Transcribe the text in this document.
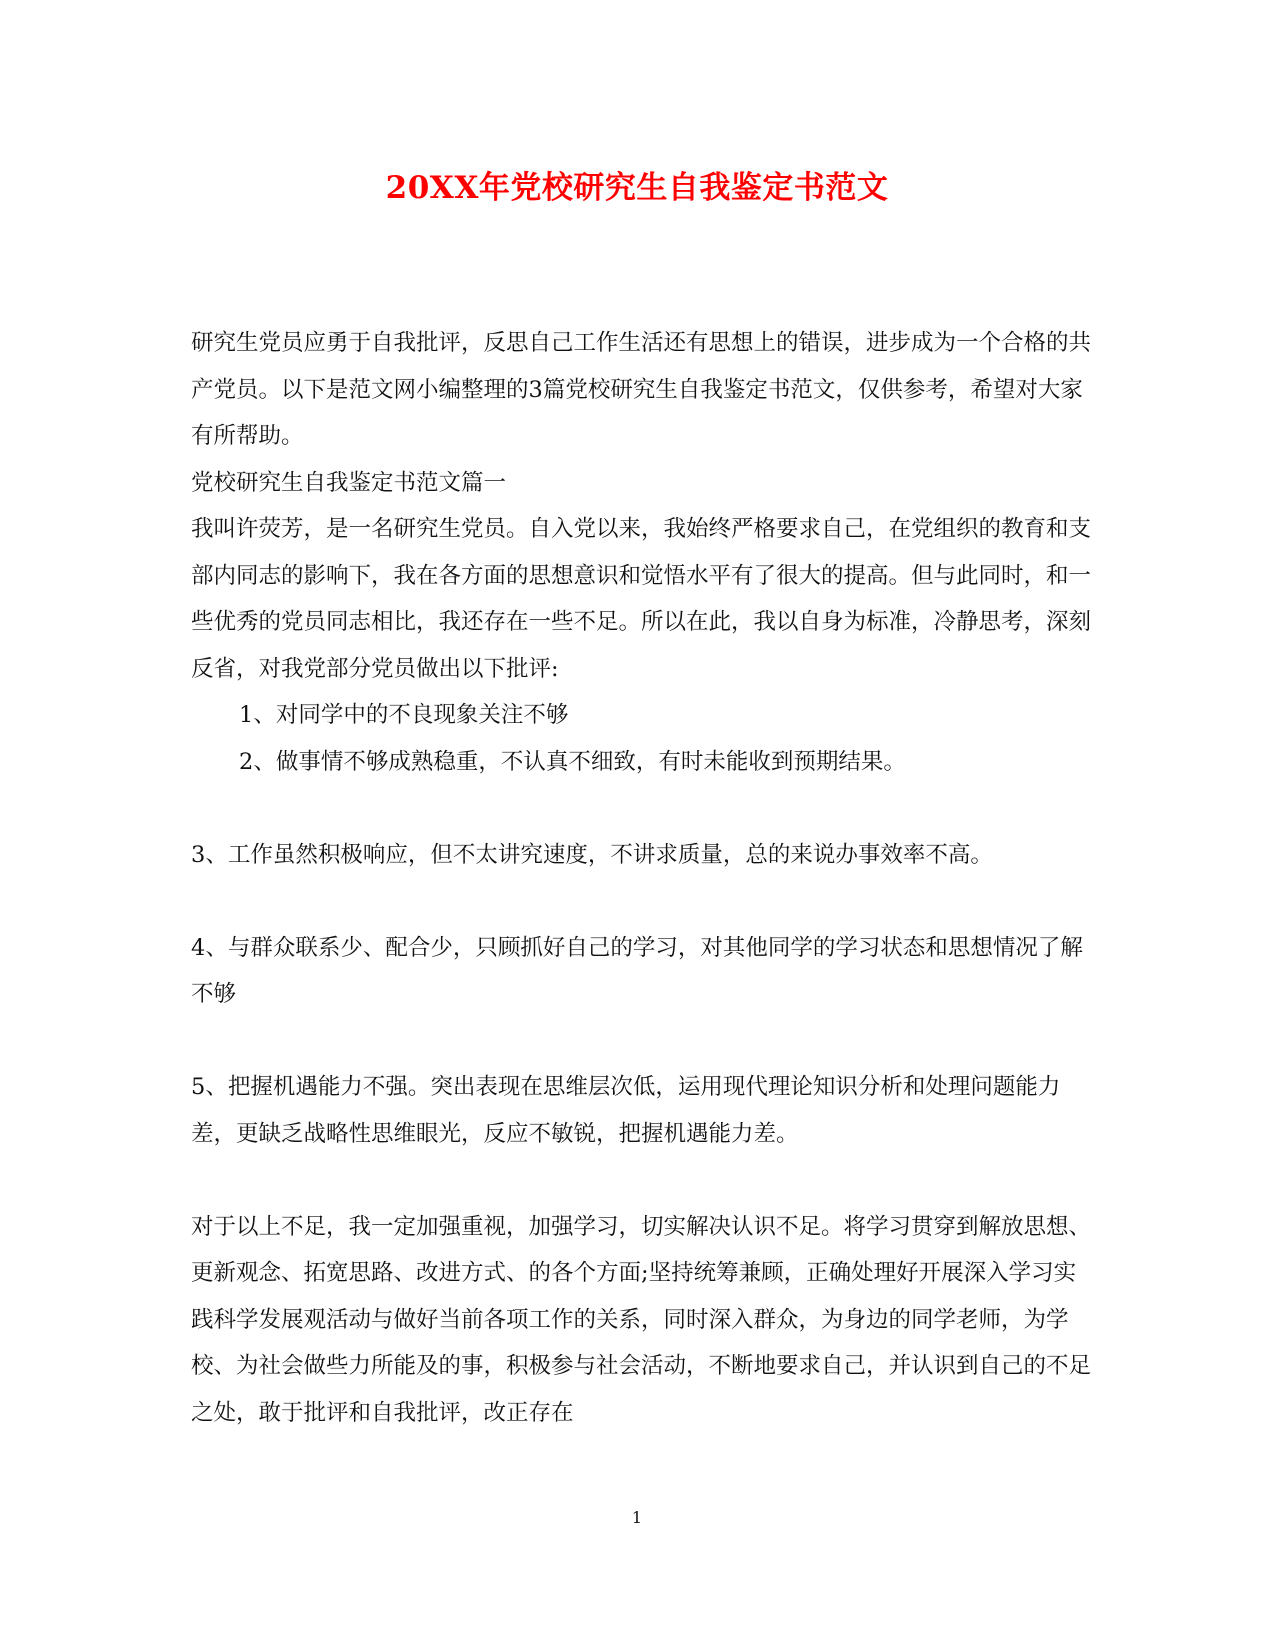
20XX年党校研究生自我鉴定书范文

研究生党员应勇于自我批评，反思自己工作生活还有思想上的错误，进步成为一个合格的共产党员。以下是范文网小编整理的3篇党校研究生自我鉴定书范文，仅供参考，希望对大家有所帮助。

党校研究生自我鉴定书范文篇一

我叫许荧芳，是一名研究生党员。自入党以来，我始终严格要求自己，在党组织的教育和支部内同志的影响下，我在各方面的思想意识和觉悟水平有了很大的提高。但与此同时，和一些优秀的党员同志相比，我还存在一些不足。所以在此，我以自身为标准，冷静思考，深刻反省，对我党部分党员做出以下批评:

1、对同学中的不良现象关注不够

2、做事情不够成熟稳重，不认真不细致，有时未能收到预期结果。

3、工作虽然积极响应，但不太讲究速度，不讲求质量，总的来说办事效率不高。

4、与群众联系少、配合少，只顾抓好自己的学习，对其他同学的学习状态和思想情况了解不够

5、把握机遇能力不强。突出表现在思维层次低，运用现代理论知识分析和处理问题能力差，更缺乏战略性思维眼光，反应不敏锐，把握机遇能力差。

对于以上不足，我一定加强重视，加强学习，切实解决认识不足。将学习贯穿到解放思想、更新观念、拓宽思路、改进方式、的各个方面;坚持统筹兼顾，正确处理好开展深入学习实践科学发展观活动与做好当前各项工作的关系，同时深入群众，为身边的同学老师，为学校、为社会做些力所能及的事，积极参与社会活动，不断地要求自己，并认识到自己的不足之处，敢于批评和自我批评，改正存在

1
